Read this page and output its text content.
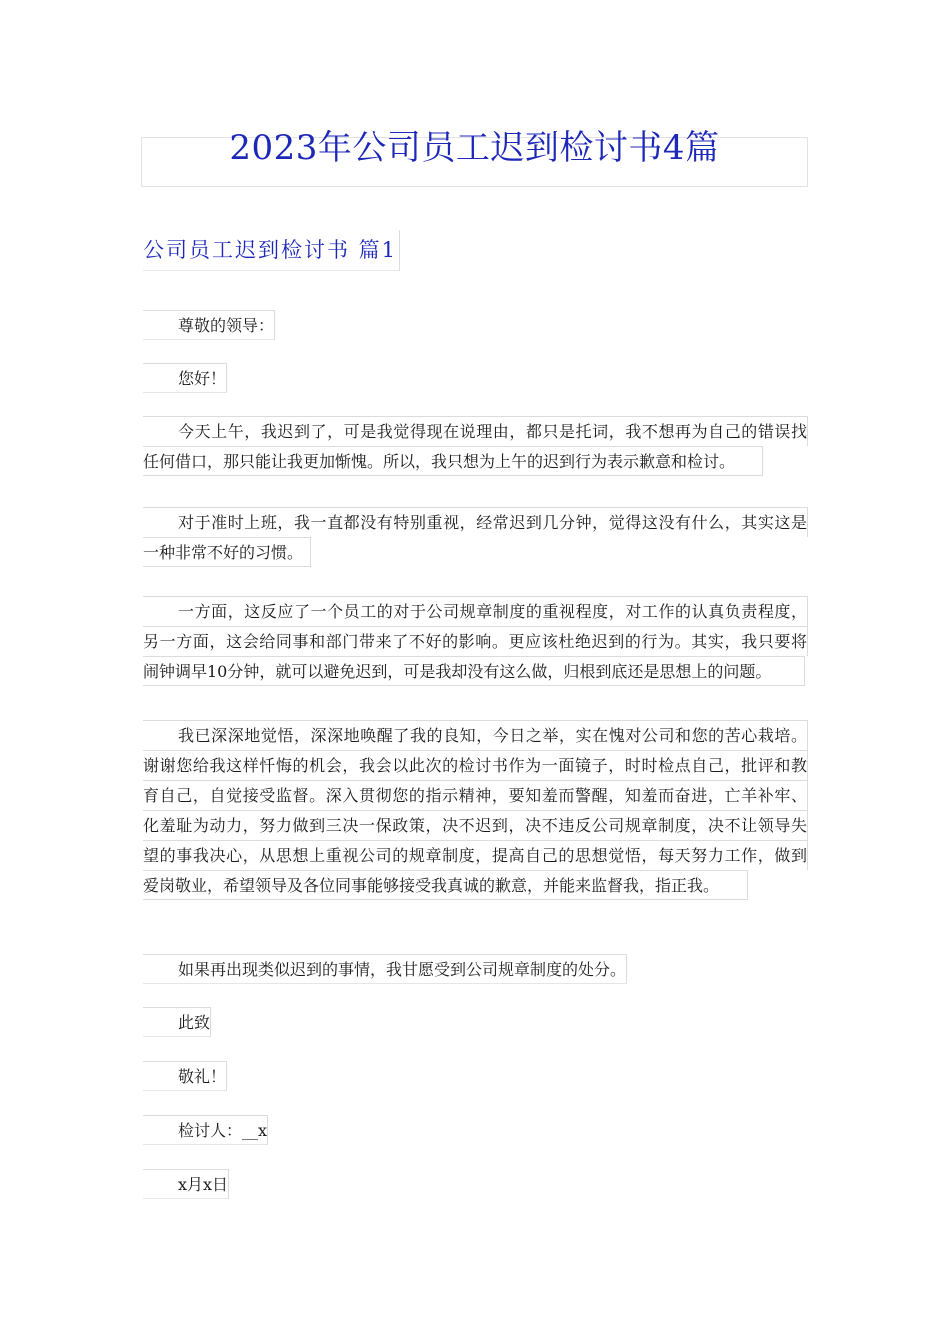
2023年公司员工迟到检讨书4篇
公司员工迟到检讨书 篇1
尊敬的领导：
您好！
今天上午，我迟到了，可是我觉得现在说理由，都只是托词，我不想再为自己的错误找
任何借口，那只能让我更加惭愧。所以，我只想为上午的迟到行为表示歉意和检讨。
对于准时上班，我一直都没有特别重视，经常迟到几分钟，觉得这没有什么，其实这是
一种非常不好的习惯。
一方面，这反应了一个员工的对于公司规章制度的重视程度，对工作的认真负责程度，
另一方面，这会给同事和部门带来了不好的影响。更应该杜绝迟到的行为。其实，我只要将
闹钟调早10分钟，就可以避免迟到，可是我却没有这么做，归根到底还是思想上的问题。
我已深深地觉悟，深深地唤醒了我的良知，今日之举，实在愧对公司和您的苦心栽培。
谢谢您给我这样忏悔的机会，我会以此次的检讨书作为一面镜子，时时检点自己，批评和教
育自己，自觉接受监督。深入贯彻您的指示精神，要知羞而警醒，知羞而奋进，亡羊补牢、
化羞耻为动力，努力做到三决一保政策，决不迟到，决不违反公司规章制度，决不让领导失
望的事我决心，从思想上重视公司的规章制度，提高自己的思想觉悟，每天努力工作，做到
爱岗敬业，希望领导及各位同事能够接受我真诚的歉意，并能来监督我，指正我。
如果再出现类似迟到的事情，我甘愿受到公司规章制度的处分。
此致
敬礼！
检讨人：__x
x月x日
